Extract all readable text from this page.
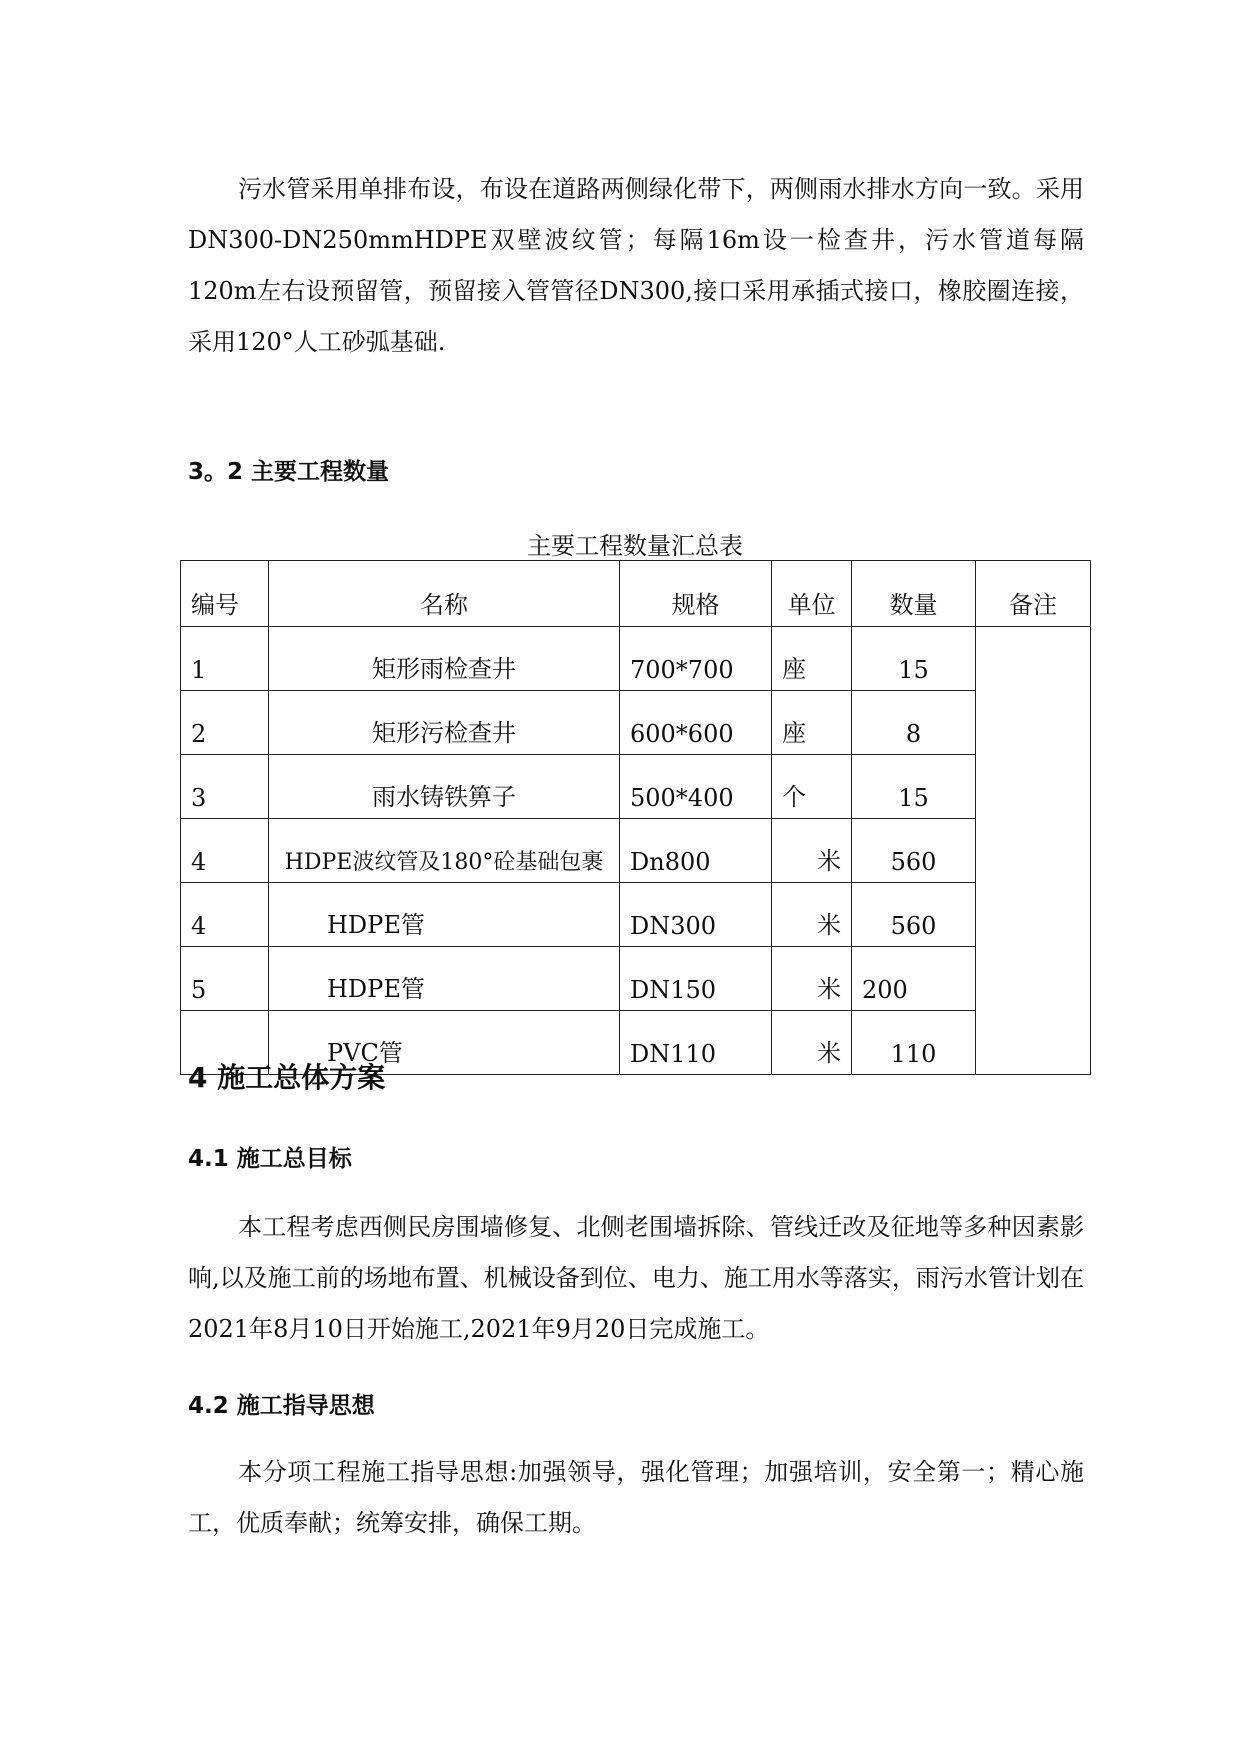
污水管采用单排布设，布设在道路两侧绿化带下，两侧雨水排水方向一致。采用DN300-DN250mmHDPE双壁波纹管；每隔16m设一检查井，污水管道每隔120m左右设预留管，预留接入管管径DN300,接口采用承插式接口，橡胶圈连接，采用120°人工砂弧基础.

3。2 主要工程数量

主要工程数量汇总表

编号	名称	规格	单位	数量	备注
1	矩形雨检查井	700*700	座	15	
2	矩形污检查井	600*600	座	8	
3	雨水铸铁箅子	500*400	个	15	
4	HDPE波纹管及180°砼基础包裹	Dn800	米	560	
4	HDPE管	DN300	米	560	
5	HDPE管	DN150	米	200	
	PVC管	DN110	米	110	
4 施工总体方案
4.1 施工总目标

本工程考虑西侧民房围墙修复、北侧老围墙拆除、管线迁改及征地等多种因素影响,以及施工前的场地布置、机械设备到位、电力、施工用水等落实，雨污水管计划在2021年8月10日开始施工,2021年9月20日完成施工。

4.2 施工指导思想

本分项工程施工指导思想:加强领导，强化管理；加强培训，安全第一；精心施工，优质奉献；统筹安排，确保工期。
